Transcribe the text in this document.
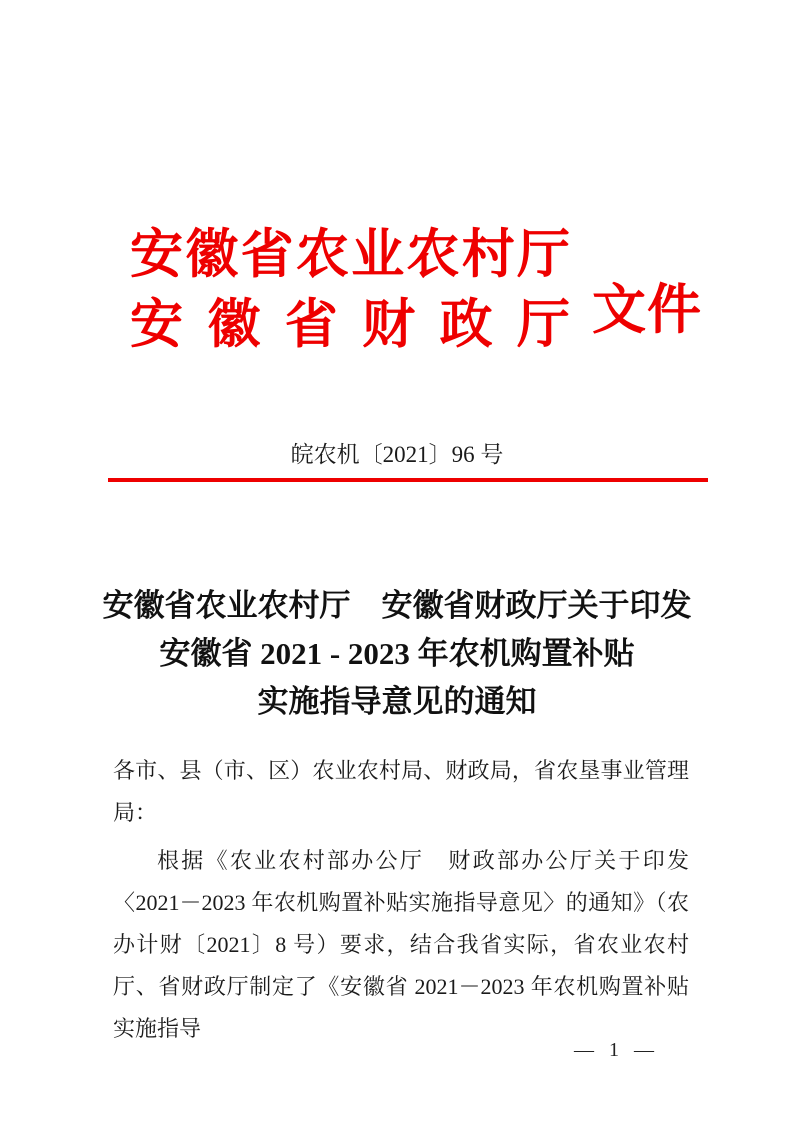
安 徽 省 农 业 农 村 厅
安 徽 省 财 政 厅 文件
皖农机〔2021〕96 号
安徽省农业农村厅　安徽省财政厅关于印发
安徽省 2021 - 2023 年农机购置补贴
实施指导意见的通知

各市、县（市、区）农业农村局、财政局，省农垦事业管理局：

根据《农业农村部办公厅　财政部办公厅关于印发〈2021－2023 年农机购置补贴实施指导意见〉的通知》（农办计财〔2021〕8 号）要求，结合我省实际，省农业农村厅、省财政厅制定了《安徽省 2021－2023 年农机购置补贴实施指导

— 1 —
